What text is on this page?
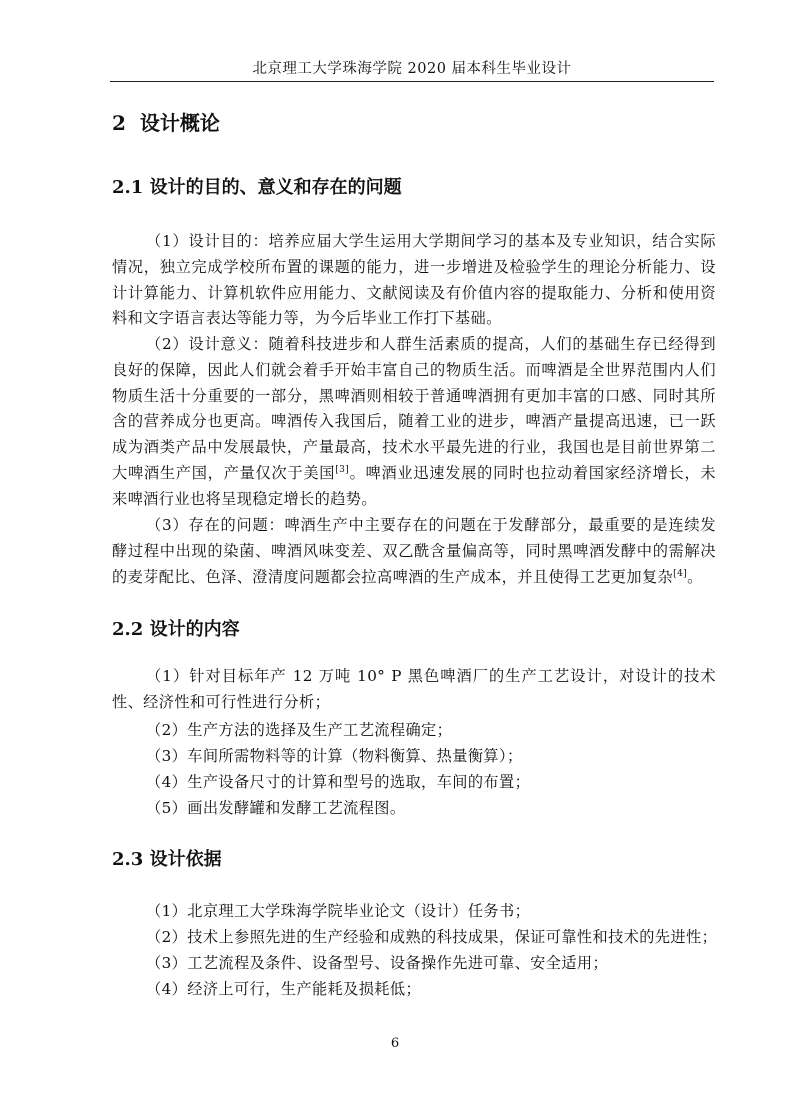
北京理工大学珠海学院 2020 届本科生毕业设计
2 设计概论
2.1 设计的目的、意义和存在的问题

（1）设计目的：培养应届大学生运用大学期间学习的基本及专业知识，结合实际情况，独立完成学校所布置的课题的能力，进一步增进及检验学生的理论分析能力、设计计算能力、计算机软件应用能力、文献阅读及有价值内容的提取能力、分析和使用资料和文字语言表达等能力等，为今后毕业工作打下基础。

（2）设计意义：随着科技进步和人群生活素质的提高，人们的基础生存已经得到良好的保障，因此人们就会着手开始丰富自己的物质生活。而啤酒是全世界范围内人们物质生活十分重要的一部分，黑啤酒则相较于普通啤酒拥有更加丰富的口感、同时其所含的营养成分也更高。啤酒传入我国后，随着工业的进步，啤酒产量提高迅速，已一跃成为酒类产品中发展最快，产量最高，技术水平最先进的行业，我国也是目前世界第二大啤酒生产国，产量仅次于美国[3]。啤酒业迅速发展的同时也拉动着国家经济增长，未来啤酒行业也将呈现稳定增长的趋势。

（3）存在的问题：啤酒生产中主要存在的问题在于发酵部分，最重要的是连续发酵过程中出现的染菌、啤酒风味变差、双乙酰含量偏高等，同时黑啤酒发酵中的需解决的麦芽配比、色泽、澄清度问题都会拉高啤酒的生产成本，并且使得工艺更加复杂[4]。

2.2 设计的内容

（1）针对目标年产 12 万吨 10° P 黑色啤酒厂的生产工艺设计，对设计的技术性、经济性和可行性进行分析；

（2）生产方法的选择及生产工艺流程确定；
（3）车间所需物料等的计算（物料衡算、热量衡算）；
（4）生产设备尺寸的计算和型号的选取，车间的布置；
（5）画出发酵罐和发酵工艺流程图。
2.3 设计依据
（1）北京理工大学珠海学院毕业论文（设计）任务书；
（2）技术上参照先进的生产经验和成熟的科技成果，保证可靠性和技术的先进性；
（3）工艺流程及条件、设备型号、设备操作先进可靠、安全适用；
（4）经济上可行，生产能耗及损耗低；
6
